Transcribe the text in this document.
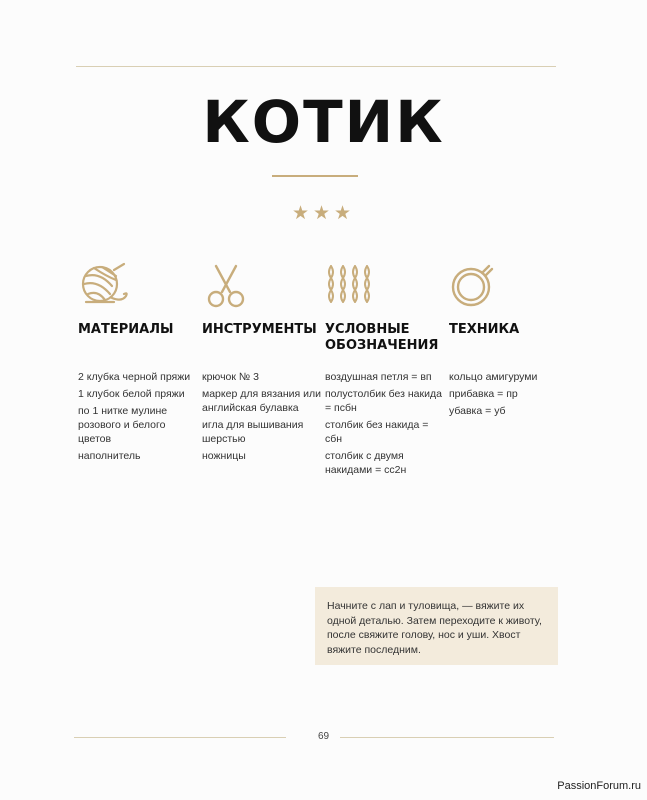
КОТИК
★★★
МАТЕРИАЛЫ
2 клубка черной пряжи
1 клубок белой пряжи
по 1 нитке мулине розового и белого цветов
наполнитель
ИНСТРУМЕНТЫ
крючок № 3
маркер для вязания или английская булавка
игла для вышивания шерстью
ножницы
УСЛОВНЫЕ ОБОЗНАЧЕНИЯ
воздушная петля = вп
полустолбик без накида = псбн
столбик без накида = сбн
столбик с двумя накидами = сс2н
ТЕХНИКА
кольцо амигуруми
прибавка = пр
убавка = уб
Начните с лап и туловища, — вяжите их одной деталью. Затем переходите к животу, после свяжите голову, нос и уши. Хвост вяжите последним.
69
PassionForum.ru
